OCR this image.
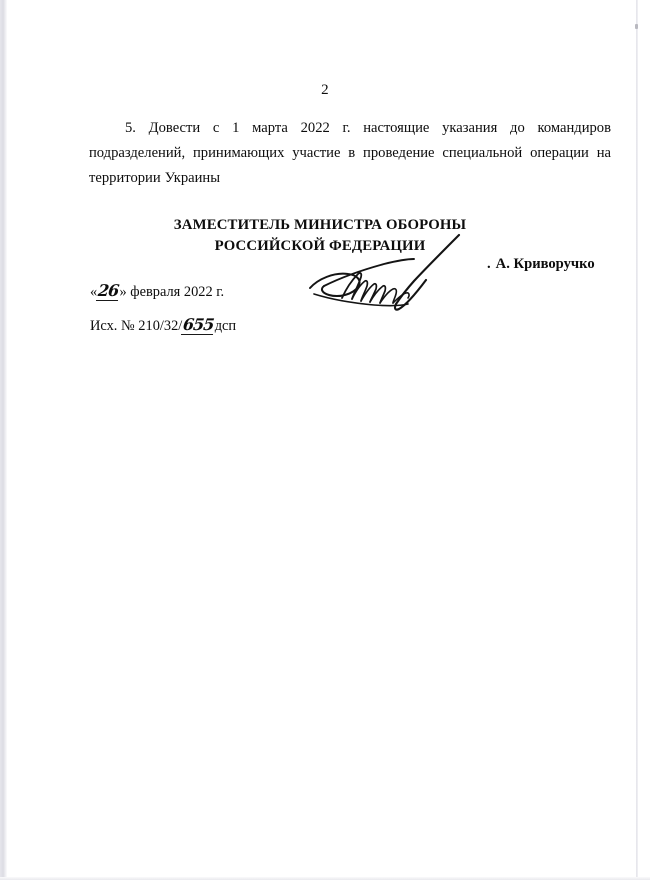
2
5. Довести с 1 марта 2022 г. настоящие указания до командиров подразделений, принимающих участие в проведение специальной операции на территории Украины
ЗАМЕСТИТЕЛЬ МИНИСТРА ОБОРОНЫ
РОССИЙСКОЙ ФЕДЕРАЦИИ
. А. Криворучко
«26» февраля 2022 г.
Исх. № 210/32/655дсп
